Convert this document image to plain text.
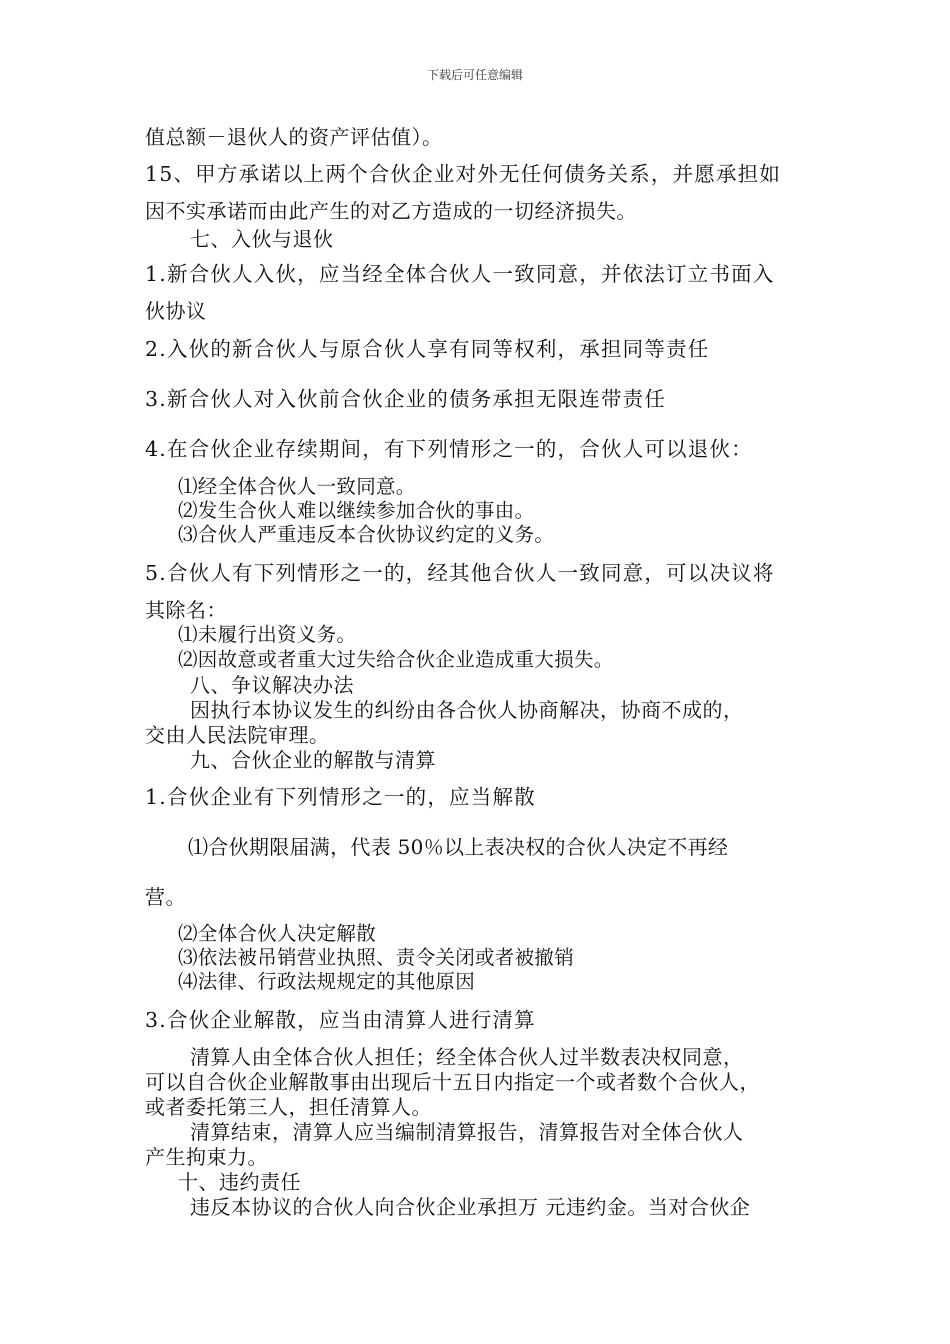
下载后可任意编辑
值总额－退伙人的资产评估值）。
15、甲方承诺以上两个合伙企业对外无任何债务关系，并愿承担如
因不实承诺而由此产生的对乙方造成的一切经济损失。
七、入伙与退伙
1.新合伙人入伙，应当经全体合伙人一致同意，并依法订立书面入
伙协议
2.入伙的新合伙人与原合伙人享有同等权利，承担同等责任
3.新合伙人对入伙前合伙企业的债务承担无限连带责任
4.在合伙企业存续期间，有下列情形之一的，合伙人可以退伙：
⑴经全体合伙人一致同意。
⑵发生合伙人难以继续参加合伙的事由。
⑶合伙人严重违反本合伙协议约定的义务。
5.合伙人有下列情形之一的，经其他合伙人一致同意，可以决议将
其除名：
⑴未履行出资义务。
⑵因故意或者重大过失给合伙企业造成重大损失。
八、争议解决办法
因执行本协议发生的纠纷由各合伙人协商解决，协商不成的，
交由人民法院审理。
九、合伙企业的解散与清算
1.合伙企业有下列情形之一的，应当解散
⑴合伙期限届满，代表 50％以上表决权的合伙人决定不再经
营。
⑵全体合伙人决定解散
⑶依法被吊销营业执照、责令关闭或者被撤销
⑷法律、行政法规规定的其他原因
3.合伙企业解散，应当由清算人进行清算
清算人由全体合伙人担任；经全体合伙人过半数表决权同意，
可以自合伙企业解散事由出现后十五日内指定一个或者数个合伙人，
或者委托第三人，担任清算人。
清算结束，清算人应当编制清算报告，清算报告对全体合伙人
产生拘束力。
十、违约责任
违反本协议的合伙人向合伙企业承担万 元违约金。当对合伙企
